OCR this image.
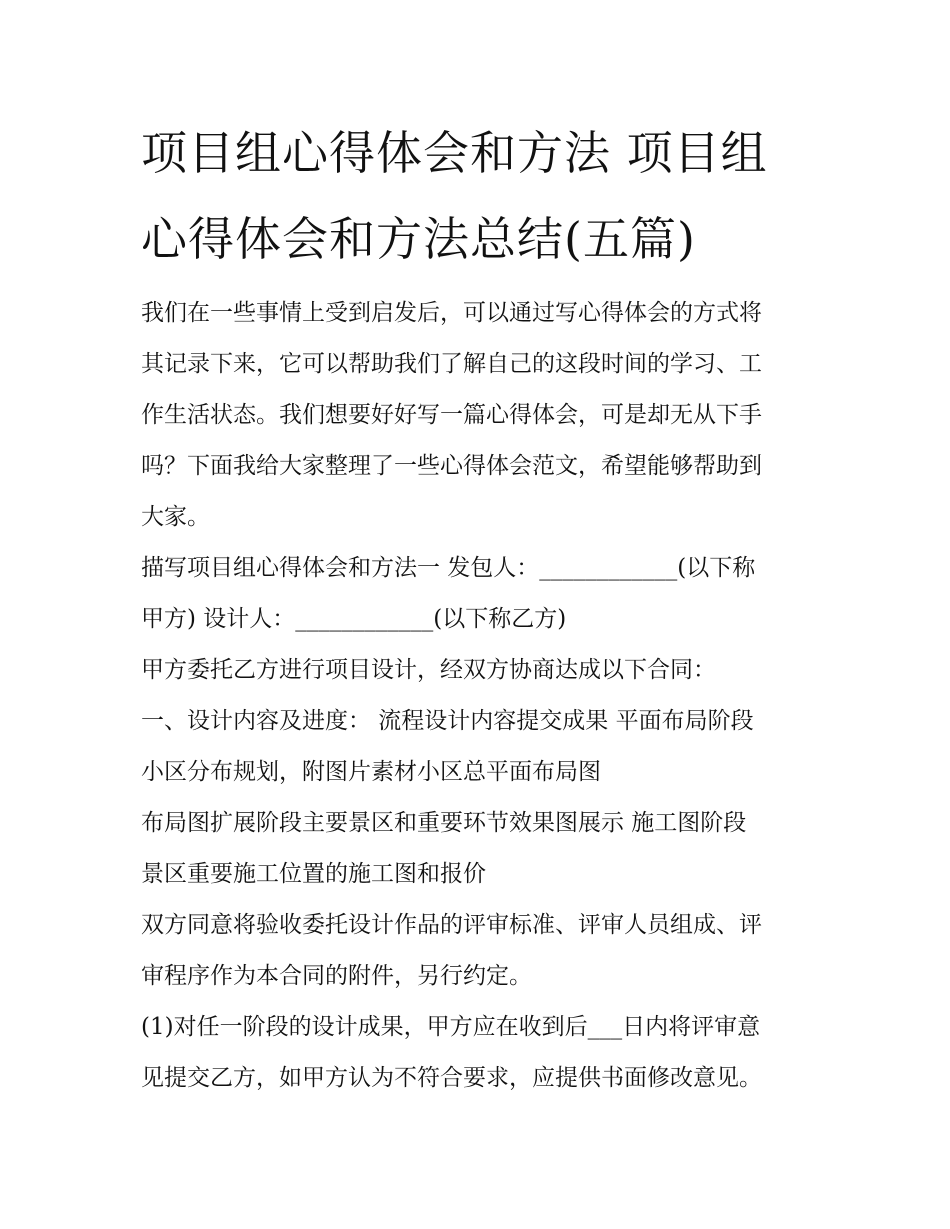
项目组心得体会和方法 项目组
心得体会和方法总结(五篇)
我们在一些事情上受到启发后，可以通过写心得体会的方式将
其记录下来，它可以帮助我们了解自己的这段时间的学习、工
作生活状态。我们想要好好写一篇心得体会，可是却无从下手
吗？下面我给大家整理了一些心得体会范文，希望能够帮助到
大家。
描写项目组心得体会和方法一 发包人：____________(以下称
甲方) 设计人：____________(以下称乙方)
甲方委托乙方进行项目设计，经双方协商达成以下合同：
一、设计内容及进度： 流程设计内容提交成果 平面布局阶段
小区分布规划，附图片素材小区总平面布局图
布局图扩展阶段主要景区和重要环节效果图展示 施工图阶段
景区重要施工位置的施工图和报价
双方同意将验收委托设计作品的评审标准、评审人员组成、评
审程序作为本合同的附件，另行约定。
(1)对任一阶段的设计成果，甲方应在收到后___日内将评审意
见提交乙方，如甲方认为不符合要求，应提供书面修改意见。
